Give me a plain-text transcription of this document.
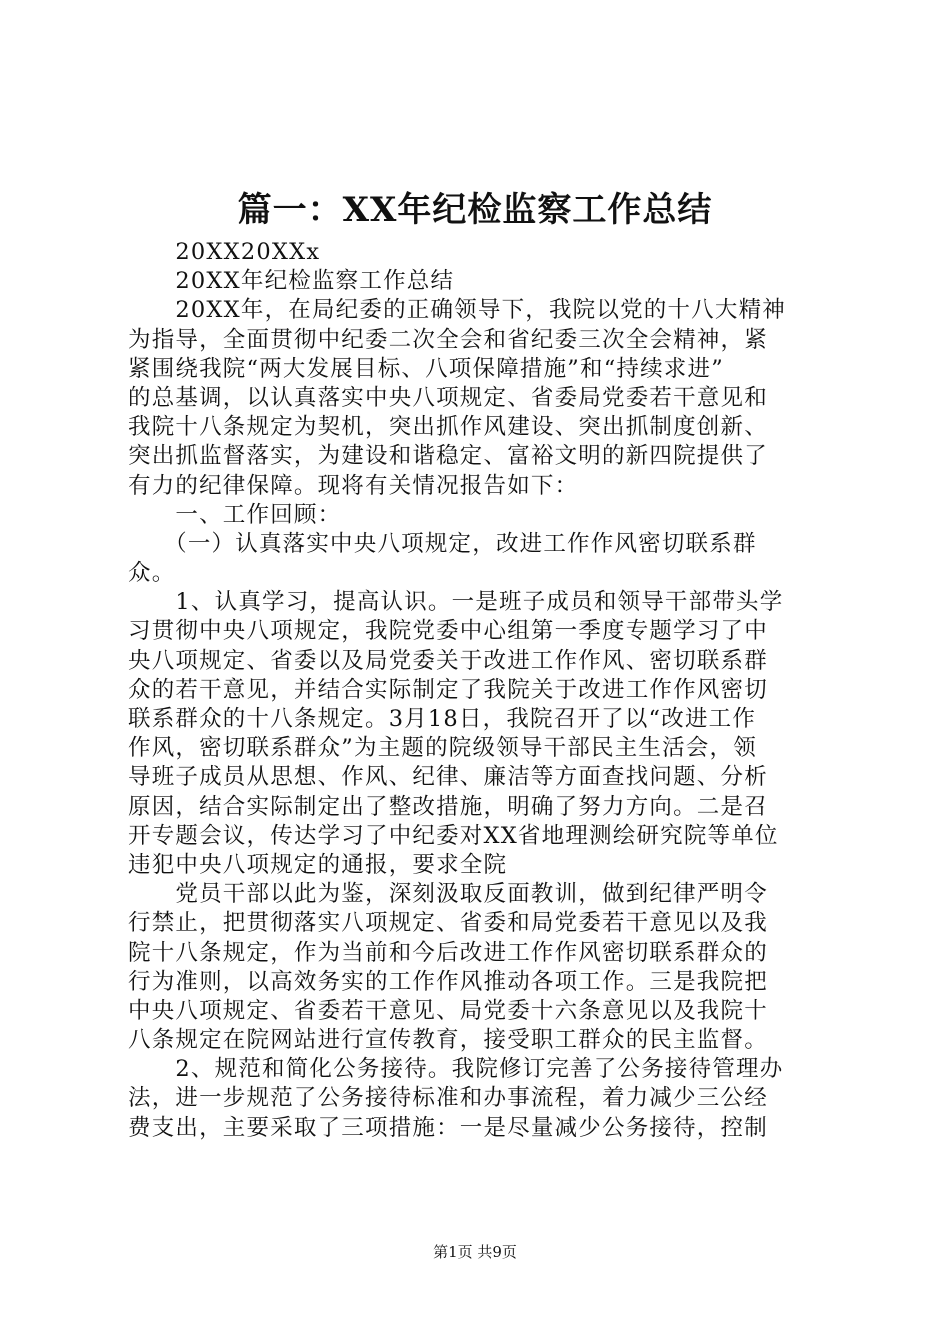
篇一：XX年纪检监察工作总结
　　20XX20XXx
　　20XX年纪检监察工作总结
　　20XX年，在局纪委的正确领导下，我院以党的十八大精神
为指导，全面贯彻中纪委二次全会和省纪委三次全会精神，紧
紧围绕我院“两大发展目标、八项保障措施”和“持续求进”
的总基调，以认真落实中央八项规定、省委局党委若干意见和
我院十八条规定为契机，突出抓作风建设、突出抓制度创新、
突出抓监督落实，为建设和谐稳定、富裕文明的新四院提供了
有力的纪律保障。现将有关情况报告如下：
　　一、工作回顾：
　　（一）认真落实中央八项规定，改进工作作风密切联系群
众。
　　1、认真学习，提高认识。一是班子成员和领导干部带头学
习贯彻中央八项规定，我院党委中心组第一季度专题学习了中
央八项规定、省委以及局党委关于改进工作作风、密切联系群
众的若干意见，并结合实际制定了我院关于改进工作作风密切
联系群众的十八条规定。3月18日，我院召开了以“改进工作
作风，密切联系群众”为主题的院级领导干部民主生活会，领
导班子成员从思想、作风、纪律、廉洁等方面查找问题、分析
原因，结合实际制定出了整改措施，明确了努力方向。二是召
开专题会议，传达学习了中纪委对XX省地理测绘研究院等单位
违犯中央八项规定的通报，要求全院
　　党员干部以此为鉴，深刻汲取反面教训，做到纪律严明令
行禁止，把贯彻落实八项规定、省委和局党委若干意见以及我
院十八条规定，作为当前和今后改进工作作风密切联系群众的
行为准则，以高效务实的工作作风推动各项工作。三是我院把
中央八项规定、省委若干意见、局党委十六条意见以及我院十
八条规定在院网站进行宣传教育，接受职工群众的民主监督。
　　2、规范和简化公务接待。我院修订完善了公务接待管理办
法，进一步规范了公务接待标准和办事流程，着力减少三公经
费支出，主要采取了三项措施：一是尽量减少公务接待，控制
第1页 共9页
